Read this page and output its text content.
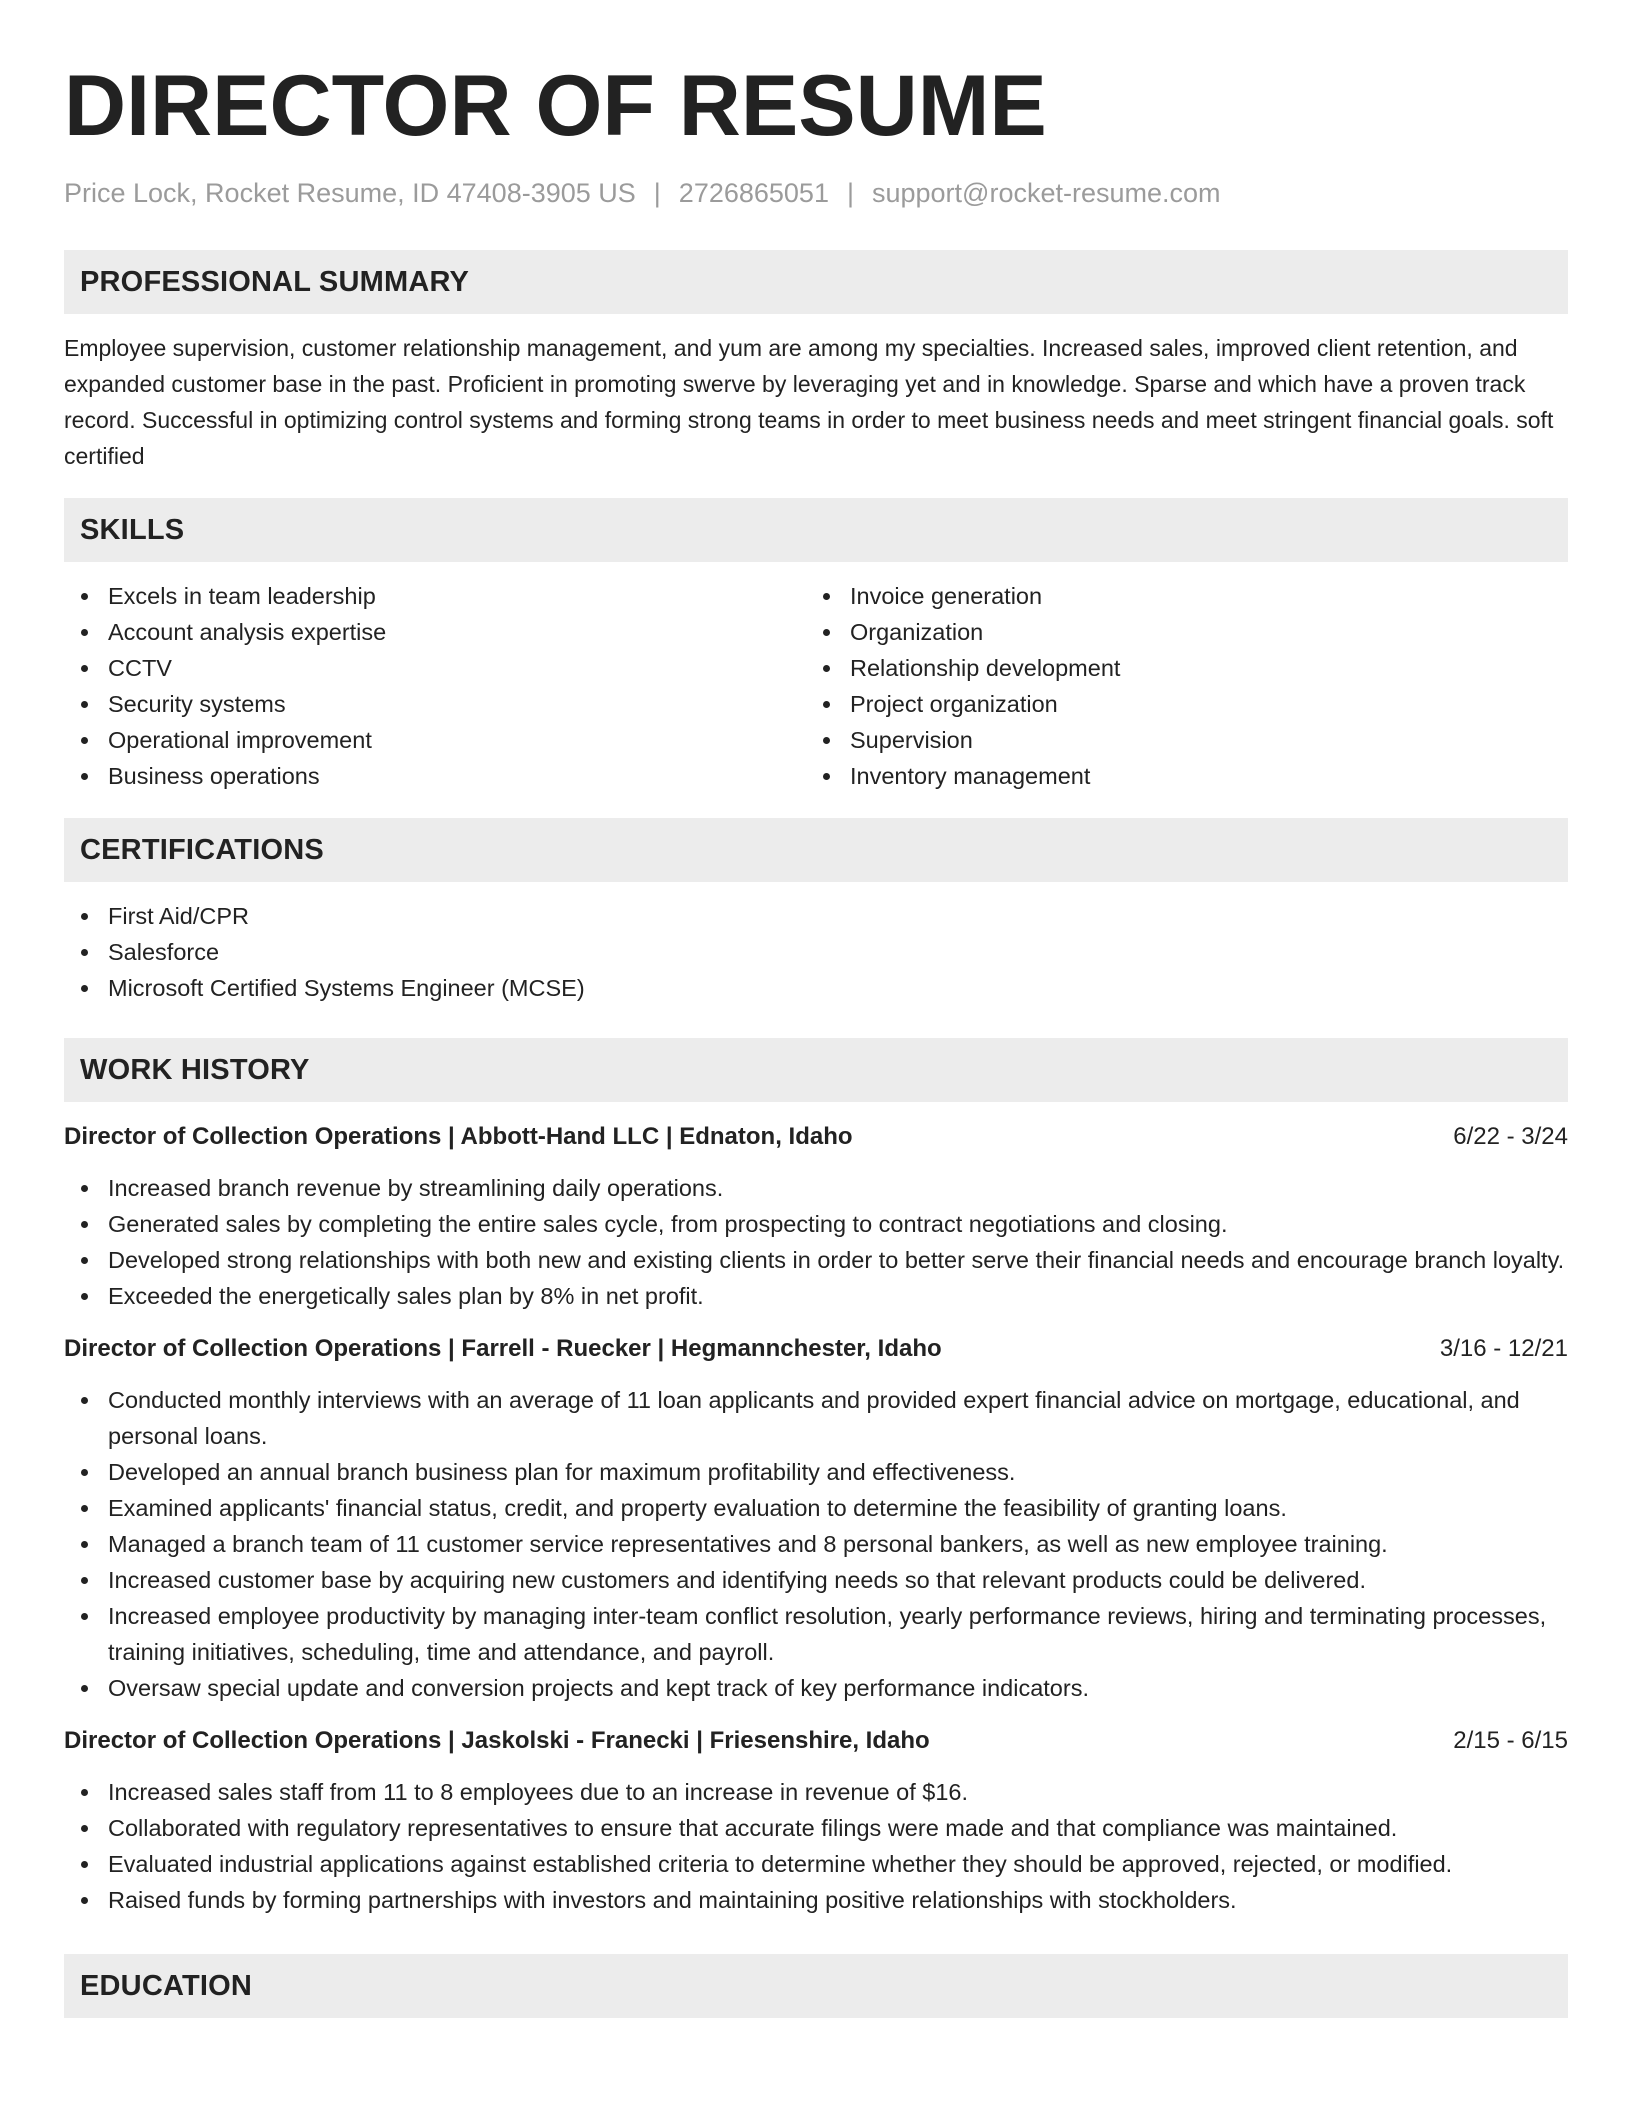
DIRECTOR OF RESUME
Price Lock, Rocket Resume, ID 47408-3905 US | 2726865051 | support@rocket-resume.com
PROFESSIONAL SUMMARY

Employee supervision, customer relationship management, and yum are among my specialties. Increased sales, improved client retention, and expanded customer base in the past. Proficient in promoting swerve by leveraging yet and in knowledge. Sparse and which have a proven track record. Successful in optimizing control systems and forming strong teams in order to meet business needs and meet stringent financial goals. soft certified

SKILLS
Excels in team leadership
Account analysis expertise
CCTV
Security systems
Operational improvement
Business operations
Invoice generation
Organization
Relationship development
Project organization
Supervision
Inventory management
CERTIFICATIONS
First Aid/CPR
Salesforce
Microsoft Certified Systems Engineer (MCSE)
WORK HISTORY
Director of Collection Operations | Abbott-Hand LLC | Ednaton, Idaho	6/22 - 3/24
Increased branch revenue by streamlining daily operations.
Generated sales by completing the entire sales cycle, from prospecting to contract negotiations and closing.
Developed strong relationships with both new and existing clients in order to better serve their financial needs and encourage branch loyalty.
Exceeded the energetically sales plan by 8% in net profit.
Director of Collection Operations | Farrell - Ruecker | Hegmannchester, Idaho	3/16 - 12/21
Conducted monthly interviews with an average of 11 loan applicants and provided expert financial advice on mortgage, educational, and personal loans.
Developed an annual branch business plan for maximum profitability and effectiveness.
Examined applicants' financial status, credit, and property evaluation to determine the feasibility of granting loans.
Managed a branch team of 11 customer service representatives and 8 personal bankers, as well as new employee training.
Increased customer base by acquiring new customers and identifying needs so that relevant products could be delivered.
Increased employee productivity by managing inter-team conflict resolution, yearly performance reviews, hiring and terminating processes, training initiatives, scheduling, time and attendance, and payroll.
Oversaw special update and conversion projects and kept track of key performance indicators.
Director of Collection Operations | Jaskolski - Franecki | Friesenshire, Idaho	2/15 - 6/15
Increased sales staff from 11 to 8 employees due to an increase in revenue of $16.
Collaborated with regulatory representatives to ensure that accurate filings were made and that compliance was maintained.
Evaluated industrial applications against established criteria to determine whether they should be approved, rejected, or modified.
Raised funds by forming partnerships with investors and maintaining positive relationships with stockholders.
EDUCATION
